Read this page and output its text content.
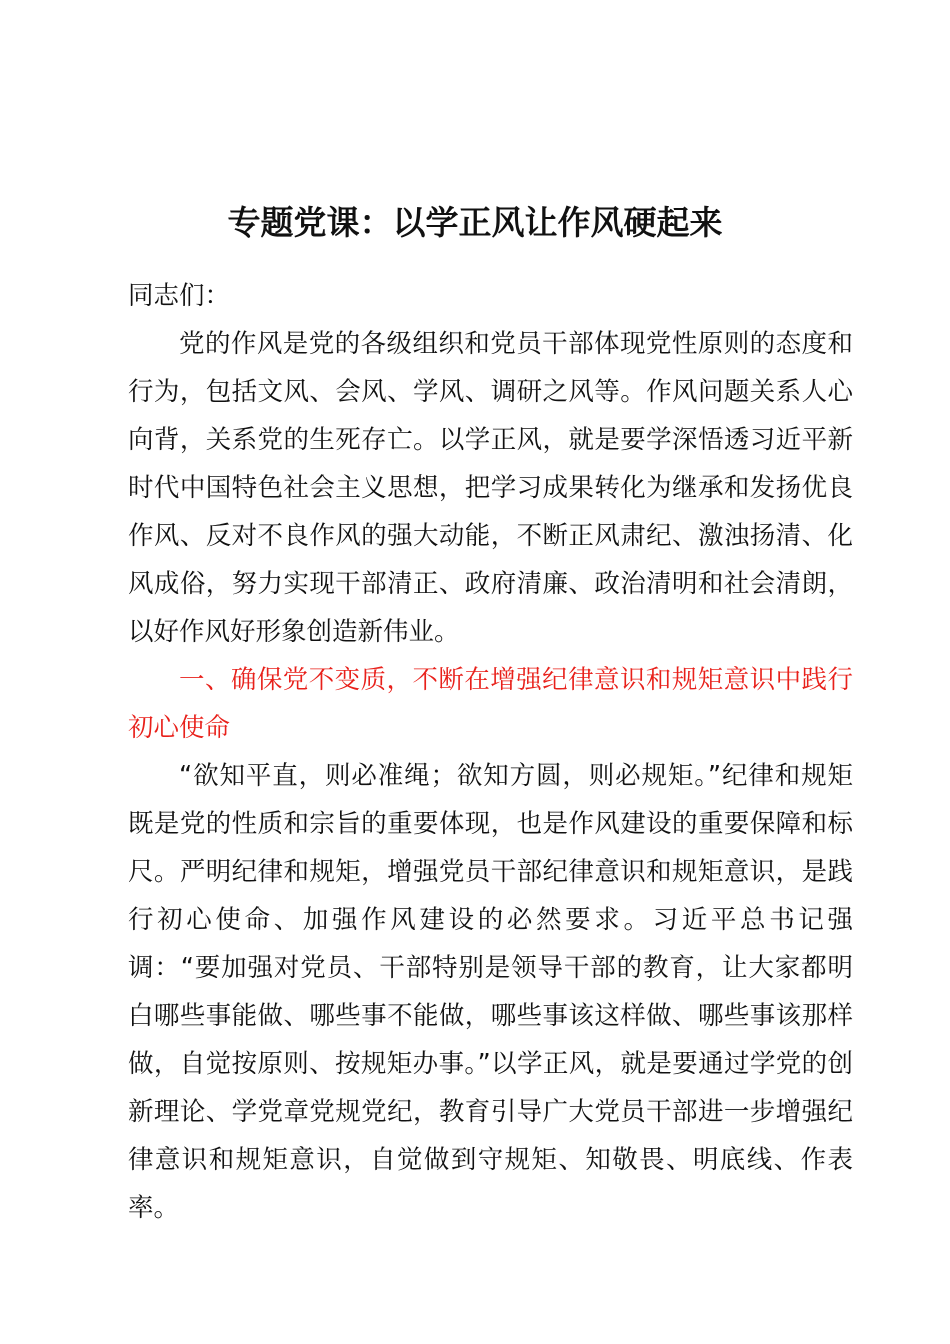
专题党课：以学正风让作风硬起来

同志们：

党的作风是党的各级组织和党员干部体现党性原则的态度和行为，包括文风、会风、学风、调研之风等。作风问题关系人心向背，关系党的生死存亡。以学正风，就是要学深悟透习近平新时代中国特色社会主义思想，把学习成果转化为继承和发扬优良作风、反对不良作风的强大动能，不断正风肃纪、激浊扬清、化风成俗，努力实现干部清正、政府清廉、政治清明和社会清朗，以好作风好形象创造新伟业。

一、确保党不变质，不断在增强纪律意识和规矩意识中践行初心使命

“欲知平直，则必准绳；欲知方圆，则必规矩。”纪律和规矩既是党的性质和宗旨的重要体现，也是作风建设的重要保障和标尺。严明纪律和规矩，增强党员干部纪律意识和规矩意识，是践行初心使命、加强作风建设的必然要求。习近平总书记强调：“要加强对党员、干部特别是领导干部的教育，让大家都明白哪些事能做、哪些事不能做，哪些事该这样做、哪些事该那样做，自觉按原则、按规矩办事。”以学正风，就是要通过学党的创新理论、学党章党规党纪，教育引导广大党员干部进一步增强纪律意识和规矩意识，自觉做到守规矩、知敬畏、明底线、作表率。
